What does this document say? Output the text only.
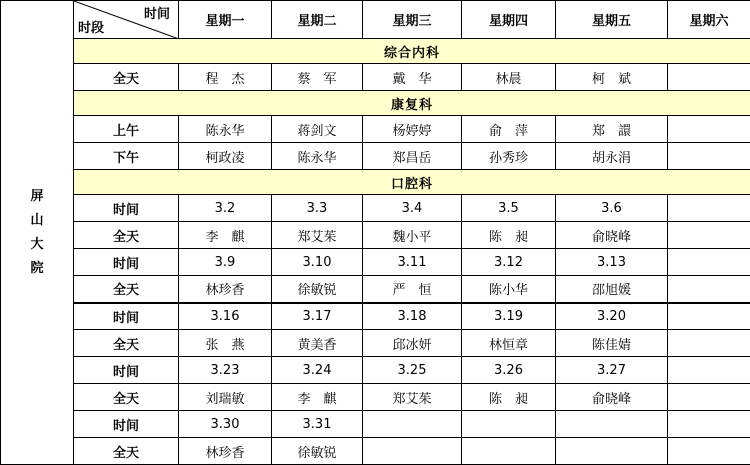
屏山大院	时间
时段	星期一	星期二	星期三	星期四	星期五	星期六
	综合内科						
	全天	程　杰	蔡　军	戴　华	林晨	柯　斌	
	康复科						
	上午	陈永华	蒋剑文	杨婷婷	俞　萍	郑　譞	
	下午	柯政凌	陈永华	郑昌岳	孙秀珍	胡永涓	
	口腔科						
	时间	3.2	3.3	3.4	3.5	3.6	
	全天	李　麒	郑艾茱	魏小平	陈　昶	俞晓峰	
	时间	3.9	3.10	3.11	3.12	3.13	
	全天	林珍香	徐敏锐	严　恒	陈小华	邵旭媛	
	时间	3.16	3.17	3.18	3.19	3.20	
	全天	张　燕	黄美香	邱冰妍	林恒章	陈佳婧	
	时间	3.23	3.24	3.25	3.26	3.27	
	全天	刘瑞敏	李　麒	郑艾茱	陈　昶	俞晓峰	
	时间	3.30	3.31				
	全天	林珍香	徐敏锐				
